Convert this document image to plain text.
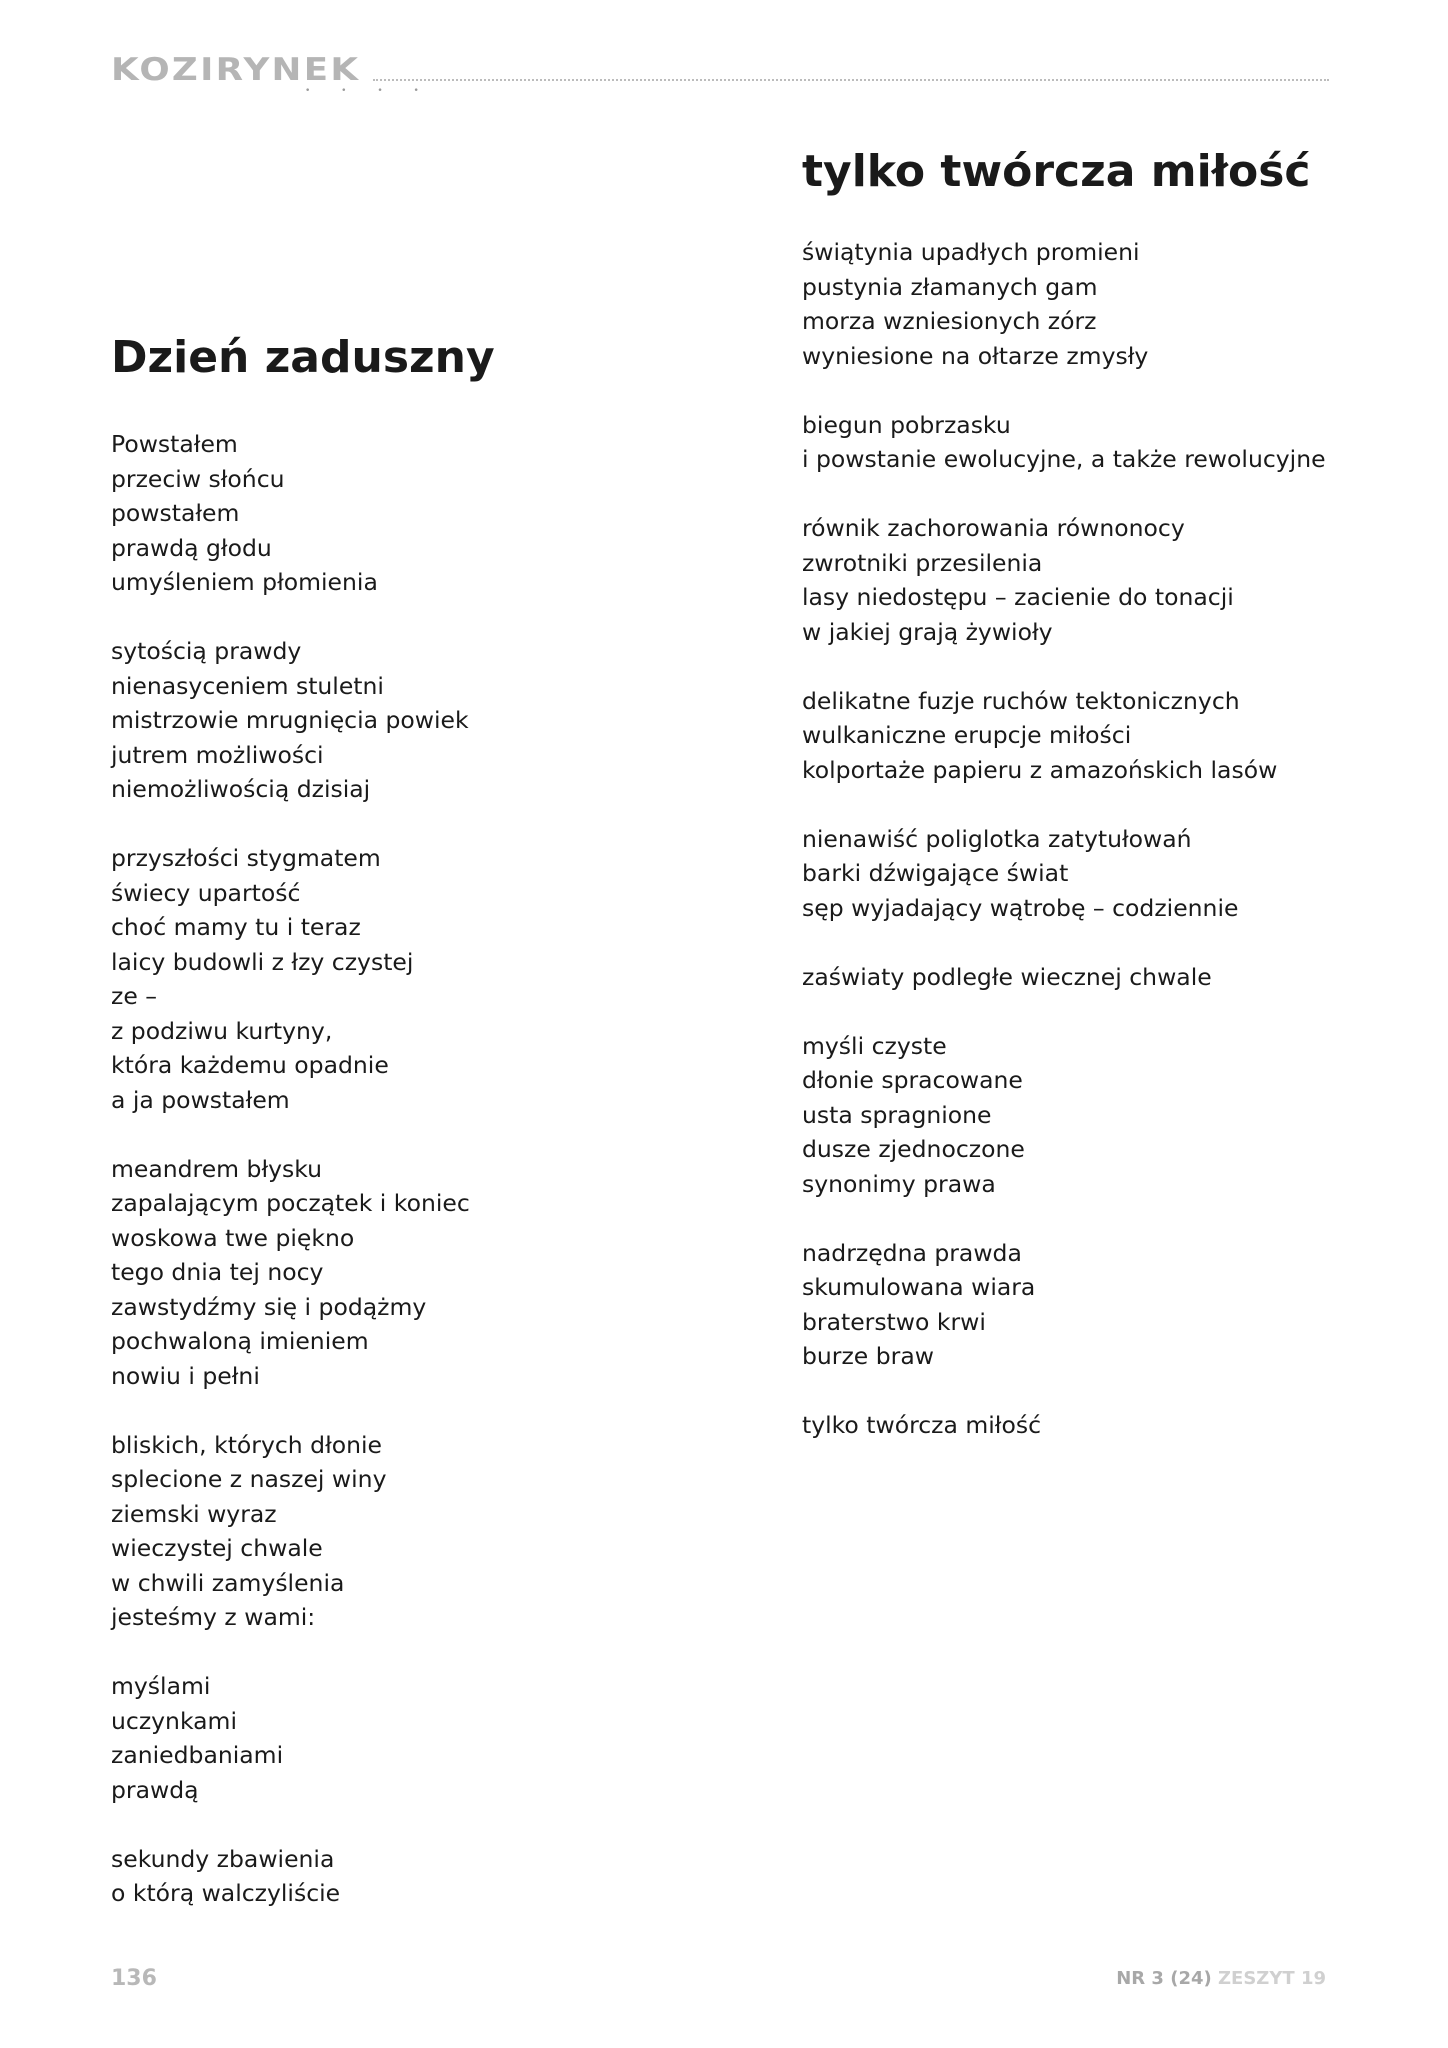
KOZIRYNEK
• • • •
Dzień zaduszny
Powstałem
przeciw słońcu
powstałem
prawdą głodu
umyśleniem płomienia
sytością prawdy
nienasyceniem stuletni
mistrzowie mrugnięcia powiek
jutrem możliwości
niemożliwością dzisiaj
przyszłości stygmatem
świecy upartość
choć mamy tu i teraz
laicy budowli z łzy czystej
ze –
z podziwu kurtyny,
która każdemu opadnie
a ja powstałem
meandrem błysku
zapalającym początek i koniec
woskowa twe piękno
tego dnia tej nocy
zawstydźmy się i podążmy
pochwaloną imieniem
nowiu i pełni
bliskich, których dłonie
splecione z naszej winy
ziemski wyraz
wieczystej chwale
w chwili zamyślenia
jesteśmy z wami:
myślami
uczynkami
zaniedbaniami
prawdą
sekundy zbawienia
o którą walczyliście
tylko twórcza miłość
świątynia upadłych promieni
pustynia złamanych gam
morza wzniesionych zórz
wyniesione na ołtarze zmysły
biegun pobrzasku
i powstanie ewolucyjne, a także rewolucyjne
równik zachorowania równonocy
zwrotniki przesilenia
lasy niedostępu – zacienie do tonacji
w jakiej grają żywioły
delikatne fuzje ruchów tektonicznych
wulkaniczne erupcje miłości
kolportaże papieru z amazońskich lasów
nienawiść poliglotka zatytułowań
barki dźwigające świat
sęp wyjadający wątrobę – codziennie
zaświaty podległe wiecznej chwale
myśli czyste
dłonie spracowane
usta spragnione
dusze zjednoczone
synonimy prawa
nadrzędna prawda
skumulowana wiara
braterstwo krwi
burze braw
tylko twórcza miłość
136	NR 3 (24) ZESZYT 19
